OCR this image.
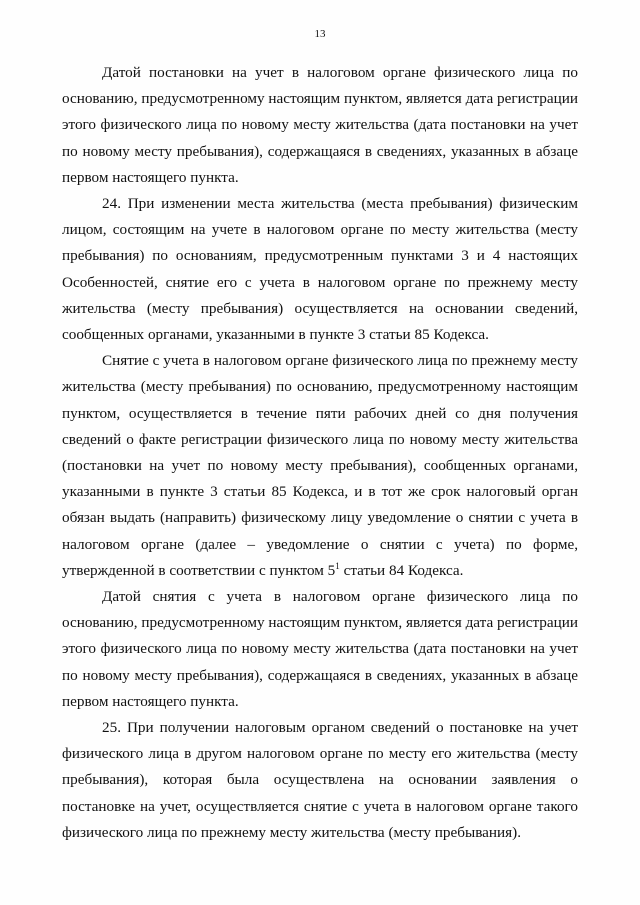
13

Датой постановки на учет в налоговом органе физического лица по основанию, предусмотренному настоящим пунктом, является дата регистрации этого физического лица по новому месту жительства (дата постановки на учет по новому месту пребывания), содержащаяся в сведениях, указанных в абзаце первом настоящего пункта.

24. При изменении места жительства (места пребывания) физическим лицом, состоящим на учете в налоговом органе по месту жительства (месту пребывания) по основаниям, предусмотренным пунктами 3 и 4 настоящих Особенностей, снятие его с учета в налоговом органе по прежнему месту жительства (месту пребывания) осуществляется на основании сведений, сообщенных органами, указанными в пункте 3 статьи 85 Кодекса.

Снятие с учета в налоговом органе физического лица по прежнему месту жительства (месту пребывания) по основанию, предусмотренному настоящим пунктом, осуществляется в течение пяти рабочих дней со дня получения сведений о факте регистрации физического лица по новому месту жительства (постановки на учет по новому месту пребывания), сообщенных органами, указанными в пункте 3 статьи 85 Кодекса, и в тот же срок налоговый орган обязан выдать (направить) физическому лицу уведомление о снятии с учета в налоговом органе (далее – уведомление о снятии с учета) по форме, утвержденной в соответствии с пунктом $5^1$ статьи 84 Кодекса.

Датой снятия с учета в налоговом органе физического лица по основанию, предусмотренному настоящим пунктом, является дата регистрации этого физического лица по новому месту жительства (дата постановки на учет по новому месту пребывания), содержащаяся в сведениях, указанных в абзаце первом настоящего пункта.

25. При получении налоговым органом сведений о постановке на учет физического лица в другом налоговом органе по месту его жительства (месту пребывания), которая была осуществлена на основании заявления о постановке на учет, осуществляется снятие с учета в налоговом органе такого физического лица по прежнему месту жительства (месту пребывания).
